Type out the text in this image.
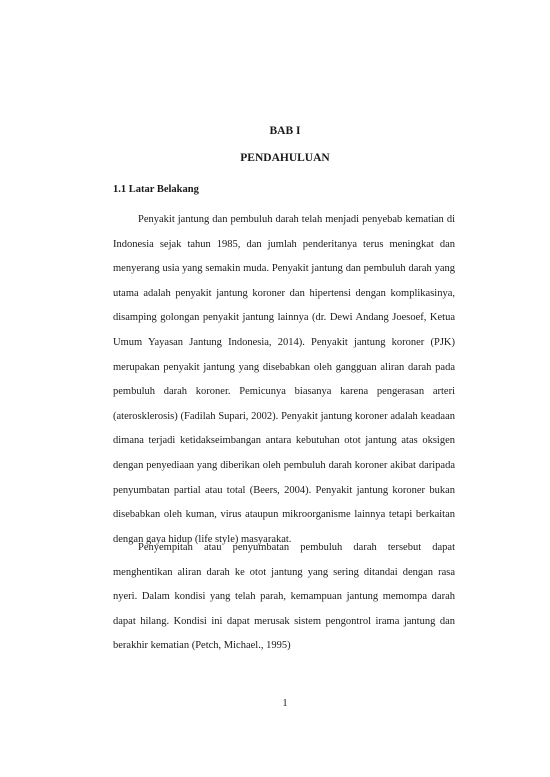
BAB I
PENDAHULUAN
1.1 Latar Belakang

Penyakit jantung dan pembuluh darah telah menjadi penyebab kematian di Indonesia sejak tahun 1985, dan jumlah penderitanya terus meningkat dan menyerang usia yang semakin muda. Penyakit jantung dan pembuluh darah yang utama adalah penyakit jantung koroner dan hipertensi dengan komplikasinya, disamping golongan penyakit jantung lainnya (dr. Dewi Andang Joesoef, Ketua Umum Yayasan Jantung Indonesia, 2014). Penyakit jantung koroner (PJK) merupakan penyakit jantung yang disebabkan oleh gangguan aliran darah pada pembuluh darah koroner. Pemicunya biasanya karena pengerasan arteri (aterosklerosis) (Fadilah Supari, 2002). Penyakit jantung koroner adalah keadaan dimana terjadi ketidakseimbangan antara kebutuhan otot jantung atas oksigen dengan penyediaan yang diberikan oleh pembuluh darah koroner akibat daripada penyumbatan partial atau total (Beers, 2004). Penyakit jantung koroner bukan disebabkan oleh kuman, virus ataupun mikroorganisme lainnya tetapi berkaitan dengan gaya hidup (life style) masyarakat.

Penyempitan atau penyumbatan pembuluh darah tersebut dapat menghentikan aliran darah ke otot jantung yang sering ditandai dengan rasa nyeri. Dalam kondisi yang telah parah, kemampuan jantung memompa darah dapat hilang. Kondisi ini dapat merusak sistem pengontrol irama jantung dan berakhir kematian (Petch, Michael., 1995)

1
